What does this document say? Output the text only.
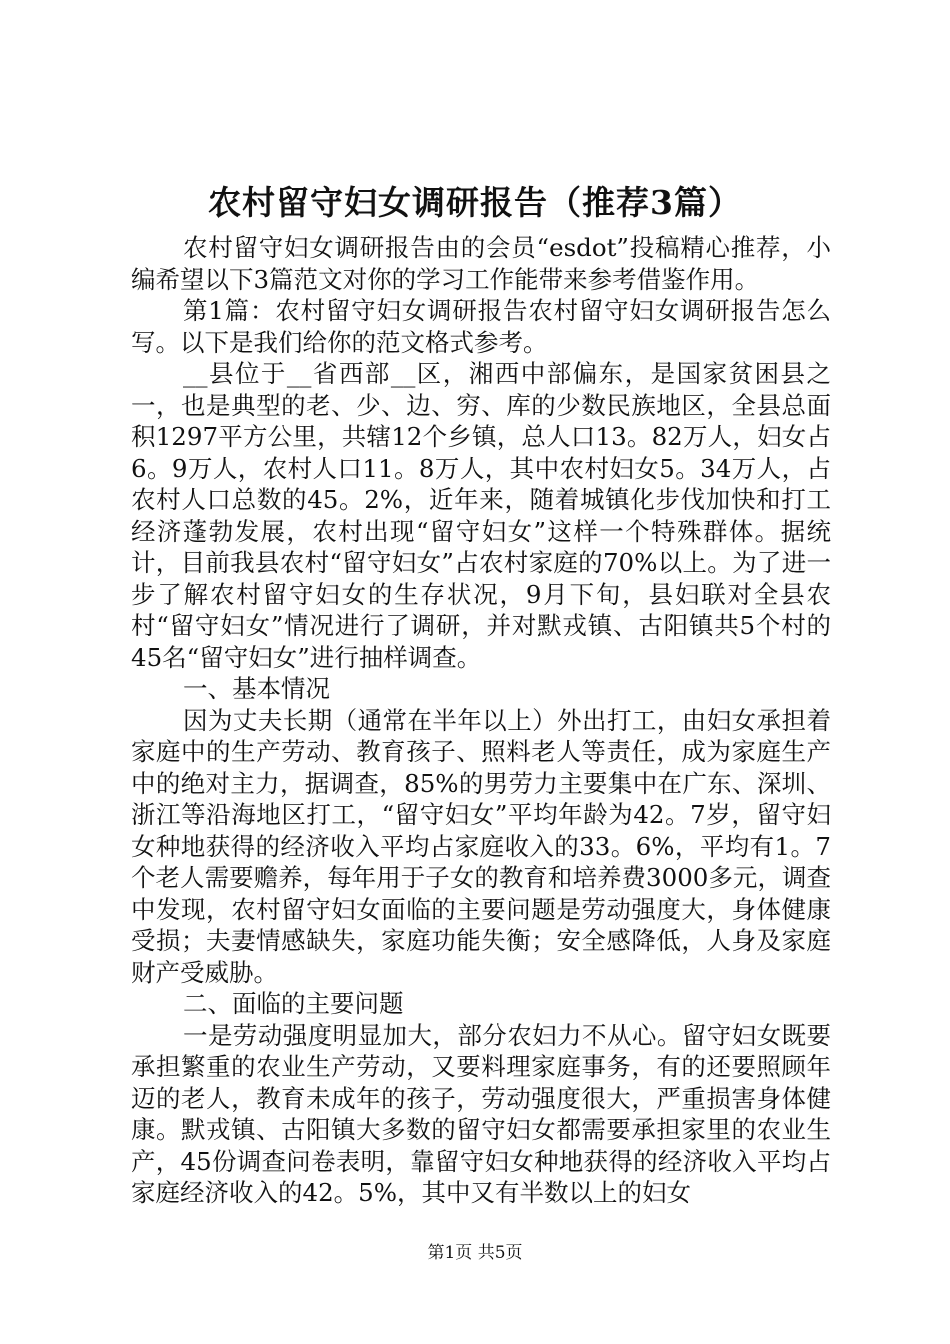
农村留守妇女调研报告（推荐3篇）

农村留守妇女调研报告由的会员“esdot”投稿精心推荐，小编希望以下3篇范文对你的学习工作能带来参考借鉴作用。

第1篇：农村留守妇女调研报告农村留守妇女调研报告怎么写。以下是我们给你的范文格式参考。

__县位于__省西部__区，湘西中部偏东，是国家贫困县之一，也是典型的老、少、边、穷、库的少数民族地区，全县总面积1297平方公里，共辖12个乡镇，总人口13。82万人，妇女占6。9万人，农村人口11。8万人，其中农村妇女5。34万人，占农村人口总数的45。2%，近年来，随着城镇化步伐加快和打工经济蓬勃发展，农村出现“留守妇女”这样一个特殊群体。据统计，目前我县农村“留守妇女”占农村家庭的70%以上。为了进一步了解农村留守妇女的生存状况，9月下旬，县妇联对全县农村“留守妇女”情况进行了调研，并对默戎镇、古阳镇共5个村的45名“留守妇女”进行抽样调查。

一、基本情况

因为丈夫长期（通常在半年以上）外出打工，由妇女承担着家庭中的生产劳动、教育孩子、照料老人等责任，成为家庭生产中的绝对主力，据调查，85%的男劳力主要集中在广东、深圳、浙江等沿海地区打工，“留守妇女”平均年龄为42。7岁，留守妇女种地获得的经济收入平均占家庭收入的33。6%，平均有1。7个老人需要赡养，每年用于子女的教育和培养费3000多元，调查中发现，农村留守妇女面临的主要问题是劳动强度大，身体健康受损；夫妻情感缺失，家庭功能失衡；安全感降低，人身及家庭财产受威胁。

二、面临的主要问题

一是劳动强度明显加大，部分农妇力不从心。留守妇女既要承担繁重的农业生产劳动，又要料理家庭事务，有的还要照顾年迈的老人，教育未成年的孩子，劳动强度很大，严重损害身体健康。默戎镇、古阳镇大多数的留守妇女都需要承担家里的农业生产，45份调查问卷表明，靠留守妇女种地获得的经济收入平均占家庭经济收入的42。5%，其中又有半数以上的妇女

第1页 共5页
